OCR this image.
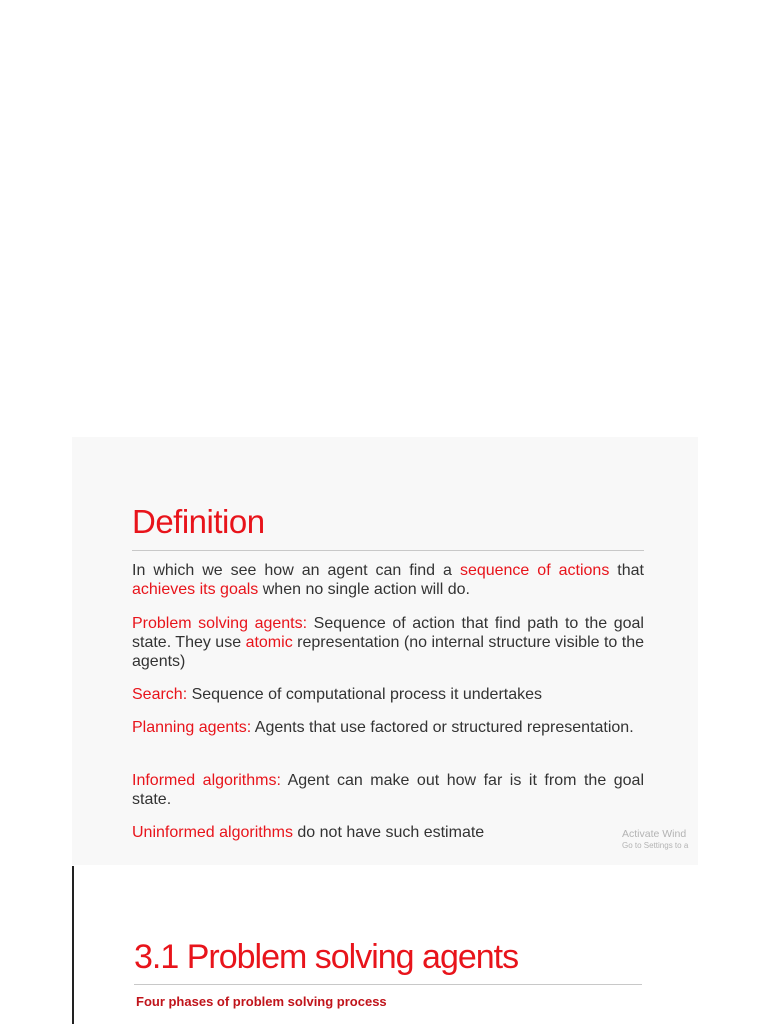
Definition

In which we see how an agent can find a sequence of actions that achieves its goals when no single action will do.

Problem solving agents: Sequence of action that find path to the goal state. They use atomic representation (no internal structure visible to the agents)

Search: Sequence of computational process it undertakes

Planning agents: Agents that use factored or structured representation.

Informed algorithms: Agent can make out how far is it from the goal state.

Uninformed algorithms do not have such estimate	Activate Wind
Go to Settings to a
3.1 Problem solving agents

Four phases of problem solving process
